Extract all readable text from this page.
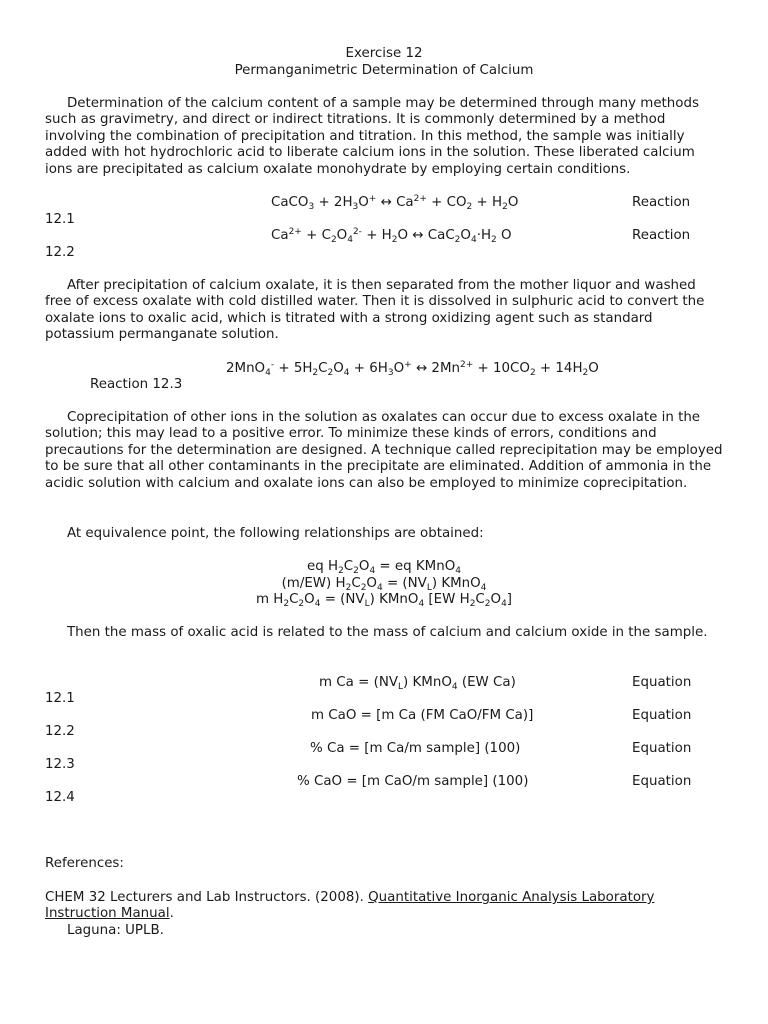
Exercise 12
Permanganimetric Determination of Calcium
Determination of the calcium content of a sample may be determined through many methods such as gravimetry, and direct or indirect titrations. It is commonly determined by a method involving the combination of precipitation and titration. In this method, the sample was initially added with hot hydrochloric acid to liberate calcium ions in the solution. These liberated calcium ions are precipitated as calcium oxalate monohydrate by employing certain conditions.
CaCO$_3$ + $2H_3O^+$ ↔ $Ca^{2+} + CO_2 + H_2O$	Reaction
12.1
$Ca^{2+} + C_2O_4^{2-} + H_2O$ ↔ $CaC_2O_4\cdot H_2$ O	Reaction
12.2
After precipitation of calcium oxalate, it is then separated from the mother liquor and washed free of excess oxalate with cold distilled water. Then it is dissolved in sulphuric acid to convert the oxalate ions to oxalic acid, which is titrated with a strong oxidizing agent such as standard potassium permanganate solution.
$2MnO_4^- + 5H_2C_2O_4 + 6H_3O^+$ ↔ $2Mn^{2+} + 10CO_2 + 14H_2O$
Reaction 12.3
Coprecipitation of other ions in the solution as oxalates can occur due to excess oxalate in the solution; this may lead to a positive error. To minimize these kinds of errors, conditions and precautions for the determination are designed. A technique called reprecipitation may be employed to be sure that all other contaminants in the precipitate are eliminated. Addition of ammonia in the acidic solution with calcium and oxalate ions can also be employed to minimize coprecipitation.
At equivalence point, the following relationships are obtained:
eq $H_2C_2O_4$ = eq KMnO$_4$
(m/EW) $H_2C_2O_4 = (NV_L)$ KMnO$_4$
m $H_2C_2O_4 = (NV_L)$ KMnO$_4$ [EW $H_2C_2O_4$]
Then the mass of oxalic acid is related to the mass of calcium and calcium oxide in the sample.
m $Ca = (NV_L)$ KMnO$_4$ (EW Ca)	Equation
12.1
m CaO = [m Ca (FM CaO/FM Ca)]	Equation
12.2
% Ca = [m Ca/m sample] (100)	Equation
12.3
% CaO = [m CaO/m sample] (100)	Equation
12.4
References:
CHEM 32 Lecturers and Lab Instructors. (2008). Quantitative Inorganic Analysis Laboratory Instruction Manual.
Laguna: UPLB.
